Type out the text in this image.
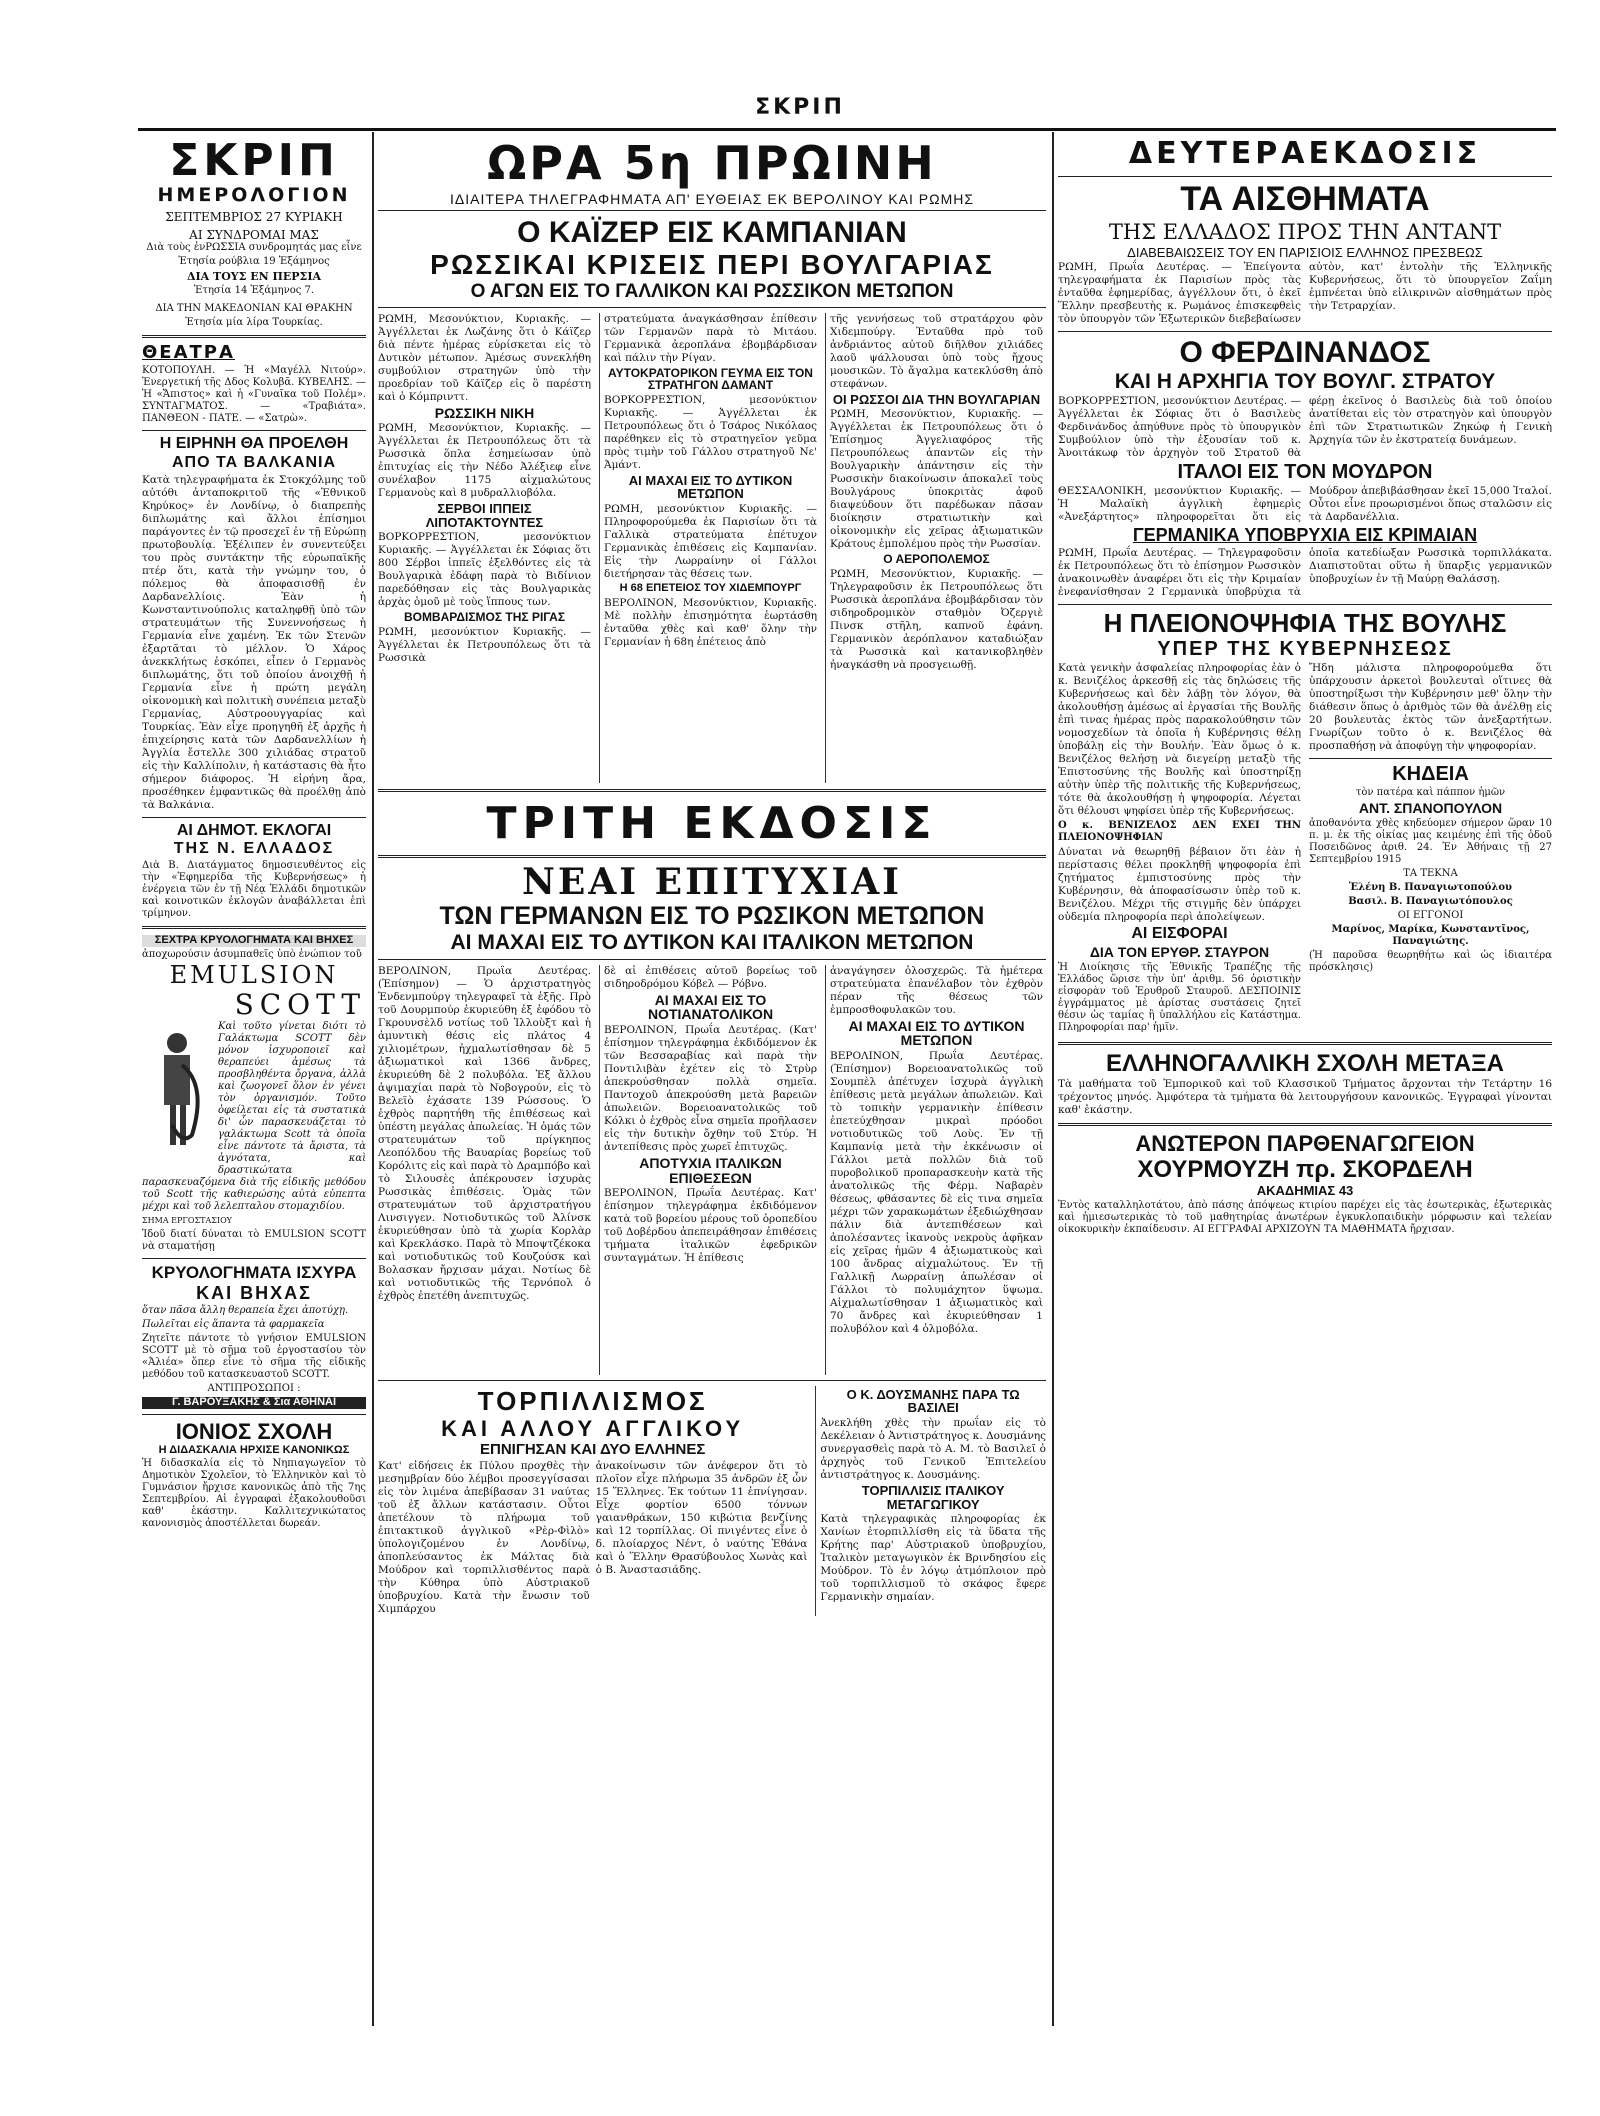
ΣΚΡΙΠ
ΣΚΡΙΠ
ΗΜΕΡΟΛΟΓΙΟΝ
ΣΕΠΤΕΜΒΡΙΟΣ 27 ΚΥΡΙΑΚΗ
ΑΙ ΣΥΝΔΡΟΜΑΙ ΜΑΣ

Διὰ τοὺς ἐνΡΩΣΣΙΑ συνδρομητάς μας εἶνε

Ἐτησία ρούβλια 19 Ἑξάμηνος

ΔΙΑ ΤΟΥΣ ΕΝ ΠΕΡΣΙΑ

Ἐτησία 14 Ἑξάμηνος 7.

ΔΙΑ ΤΗΝ ΜΑΚΕΔΟΝΙΑΝ ΚΑΙ ΘΡΑΚΗΝ

Ἐτησία μία λίρα Τουρκίας.

ΘΕΑΤΡΑ

ΚΟΤΟΠΟΥΛΗ. — Ἡ «Μαγέλλ Νιτούρ». Ἐνεργετική τῆς Δδος Κολυβᾶ. ΚΥΒΕΛΗΣ. — Ἡ «Ἄπιστος» καὶ ἡ «Γυναῖκα τοῦ Πολέμ». ΣΥΝΤΑΓΜΑΤΟΣ. — «Τραβιάτα». ΠΑΝΘΕΟΝ - ΠΑΤΕ. — «Σατρὼ».

Η ΕΙΡΗΝΗ ΘΑ ΠΡΟΕΛΘΗ
ΑΠΟ ΤΑ ΒΑΛΚΑΝΙΑ

Κατὰ τηλεγραφήματα ἐκ Στοκχόλμης τοῦ αὐτόθι ἀνταποκριτοῦ τῆς «Ἐθνικοῦ Κηρύκος» ἐν Λονδίνῳ, ὁ διαπρεπὴς διπλωμάτης καὶ ἄλλοι ἐπίσημοι παράγοντες ἐν τῷ προσεχεῖ ἐν τῇ Εὐρώπῃ πρωτοβουλίᾳ. Ἐξέλιπεν ἐν συνεντεύξει του πρὸς συντάκτην τῆς εὐρωπαϊκῆς πτέρ ὅτι, κατὰ τὴν γνώμην του, ὁ πόλεμος θὰ ἀποφασισθῇ ἐν Δαρδανελλίοις. Ἐὰν ἡ Κωνσταντινούπολις καταληφθῇ ὑπὸ τῶν στρατευμάτων τῆς Συνεννοήσεως ἡ Γερμανία εἶνε χαμένη. Ἐκ τῶν Στενῶν ἐξαρτᾶται τὸ μέλλον. Ὁ Χάρος ἀνεκκλήτως ἐσκόπει, εἶπεν ὁ Γερμανὸς διπλωμάτης, ὅτι τοῦ ὁποίου ἀνοιχθῇ ἡ Γερμανία εἶνε ἡ πρώτη μεγάλη οἰκονομικὴ καὶ πολιτικὴ συνέπεια μεταξὺ Γερμανίας, Αὐστροουγγαρίας καὶ Τουρκίας. Ἐὰν εἶχε προηγηθῆ ἐξ ἀρχῆς ἡ ἐπιχείρησις κατὰ τῶν Δαρδανελλίων ἡ Ἀγγλία ἔστελλε 300 χιλιάδας στρατοῦ εἰς τὴν Καλλίπολιν, ἡ κατάστασις θὰ ἦτο σήμερον διάφορος. Ἡ εἰρήνη ἄρα, προσέθηκεν ἐμφαντικῶς θὰ προέλθῃ ἀπὸ τὰ Βαλκάνια.

ΑΙ ΔΗΜΟΤ. ΕΚΛΟΓΑΙ
ΤΗΣ Ν. ΕΛΛΑΔΟΣ

Διὰ Β. Διατάγματος δημοσιευθέντος εἰς τὴν «Ἐφημερίδα τῆς Κυβερνήσεως» ἡ ἐνέργεια τῶν ἐν τῇ Νέᾳ Ἑλλάδι δημοτικῶν καὶ κοινοτικῶν ἐκλογῶν ἀναβάλλεται ἐπὶ τρίμηνον.

ΣΕΧΤΡΑ ΚΡΥΟΛΟΓΗΜΑΤΑ ΚΑΙ ΒΗΧΕΣ

ἀποχωρούσιν ἀσυμπαθεῖς ὑπὸ ἐνώπιον τοῦ

EMULSION
SCOTT

Καὶ τοῦτο γίνεται διότι τὸ Γαλάκτωμα SCOTT δὲν μόνον ἰσχυροποιεῖ καὶ θεραπεύει ἀμέσως τὰ προσβληθέντα ὄργανα, ἀλλὰ καὶ ζωογονεῖ ὅλον ἐν γένει τὸν ὀργανισμόν. Τοῦτο ὀφείλεται εἰς τὰ συστατικὰ δι' ὧν παρασκευάζεται τὸ γαλάκτωμα Scott τὰ ὁποῖα εἶνε πάντοτε τὰ ἄριστα, τὰ ἁγνότατα, καὶ δραστικώτατα παρασκευαζόμενα διὰ τῆς εἰδικῆς μεθόδου τοῦ Scott τῆς καθιερώσης αὐτὰ εὐπεπτα μέχρι καὶ τοῦ λελεπταλου στομαχιδίου.

ΣΗΜΑ ΕΡΓΟΣΤΑΣΙΟΥ

Ἰδοῦ διατί δύναται τὸ EMULSION SCOTT νὰ σταματήσῃ

ΚΡΥΟΛΟΓΗΜΑΤΑ ΙΣΧΥΡΑ
ΚΑΙ ΒΗΧΑΣ

ὅταν πᾶσα ἄλλη θεραπεία ἔχει ἀποτύχῃ.

Πωλεῖται εἰς ἅπαντα τὰ φαρμακεῖα

Ζητεῖτε πάντοτε τὸ γνήσιον EMULSION SCOTT μὲ τὸ σῆμα τοῦ ἐργοστασίου τὸν «Ἀλιέα» ὅπερ εἶνε τὸ σῆμα τῆς εἰδικῆς μεθόδου τοῦ κατασκευαστοῦ SCOTT.

ΑΝΤΙΠΡΟΣΩΠΟΙ :

Γ. ΒΑΡΟΥΞΑΚΗΣ & Σια ΑΘΗΝΑΙ
ΙΟΝΙΟΣ ΣΧΟΛΗ
Η ΔΙΔΑΣΚΑΛΙΑ ΗΡΧΙΣΕ ΚΑΝΟΝΙΚΩΣ

Ἡ διδασκαλία εἰς τὸ Νηπιαγωγεῖον τὸ Δημοτικὸν Σχολεῖον, τὸ Ἑλληνικὸν καὶ τὸ Γυμνάσιον ἤρχισε κανονικῶς ἀπὸ τῆς 7ης Σεπτεμβρίου. Αἱ ἐγγραφαὶ ἐξακολουθοῦσι καθ' ἑκάστην. Καλλιτεχνικώτατος κανονισμὸς ἀποστέλλεται δωρεάν.

ΩΡΑ 5η ΠΡΩΙΝΗ
ΙΔΙΑΙΤΕΡΑ ΤΗΛΕΓΡΑΦΗΜΑΤΑ ΑΠ' ΕΥΘΕΙΑΣ ΕΚ ΒΕΡΟΛΙΝΟΥ ΚΑΙ ΡΩΜΗΣ
Ο ΚΑΪΖΕΡ ΕΙΣ ΚΑΜΠΑΝΙΑΝ
ΡΩΣΣΙΚΑΙ ΚΡΙΣΕΙΣ ΠΕΡΙ ΒΟΥΛΓΑΡΙΑΣ
Ο ΑΓΩΝ ΕΙΣ ΤΟ ΓΑΛΛΙΚΟΝ ΚΑΙ ΡΩΣΣΙΚΟΝ ΜΕΤΩΠΟΝ

ΡΩΜΗ, Μεσονύκτιον, Κυριακῆς. — Ἀγγέλλεται ἐκ Λωζάνης ὅτι ὁ Κάϊζερ διὰ πέντε ἡμέρας εὑρίσκεται εἰς τὸ Δυτικὸν μέτωπον. Ἀμέσως συνεκλήθη συμβούλιον στρατηγῶν ὑπὸ τὴν προεδρίαν τοῦ Κάϊζερ εἰς ὃ παρέστη καὶ ὁ Κόμπρινττ.

ΡΩΣΣΙΚΗ ΝΙΚΗ

ΡΩΜΗ, Μεσονύκτιον, Κυριακῆς. — Ἀγγέλλεται ἐκ Πετρουπόλεως ὅτι τὰ Ρωσσικὰ ὅπλα ἐσημείωσαν ὑπὸ ἐπιτυχίας εἰς τὴν Νέδο Ἀλέξιεφ εἶνε συνέλαβον 1175 αἰχμαλώτους Γερμανοὺς καὶ 8 μυδραλλιοβόλα.

ΣΕΡΒΟΙ ΙΠΠΕΙΣ ΛΙΠΟΤΑΚΤΟΥΝΤΕΣ

ΒΟΡΚΟΡΡΕΣΤΙΟΝ, μεσονύκτιον Κυριακῆς. — Ἀγγέλλεται ἐκ Σόφιας ὅτι 800 Σέρβοι ἱππεῖς ἐξελθόντες εἰς τὰ Βουλγαρικὰ ἐδάφη παρὰ τὸ Βιδίνιον παρεδόθησαν εἰς τὰς Βουλγαρικὰς ἀρχὰς ὁμοῦ μὲ τοὺς ἵππους των.

ΒΟΜΒΑΡΔΙΣΜΟΣ ΤΗΣ ΡΙΓΑΣ

ΡΩΜΗ, μεσονύκτιον Κυριακῆς. — Ἀγγέλλεται ἐκ Πετρουπόλεως ὅτι τὰ Ρωσσικὰ

στρατεύματα ἀναγκάσθησαν ἐπίθεσιν τῶν Γερμανῶν παρὰ τὸ Μιτάου. Γερμανικὰ ἀεροπλάνα ἐβομβάρδισαν καὶ πάλιν τὴν Ρίγαν.

ΑΥΤΟΚΡΑΤΟΡΙΚΟΝ ΓΕΥΜΑ ΕΙΣ ΤΟΝ ΣΤΡΑΤΗΓΟΝ ΔΑΜΑΝΤ

ΒΟΡΚΟΡΡΕΣΤΙΟΝ, μεσονύκτιον Κυριακῆς. — Ἀγγέλλεται ἐκ Πετρουπόλεως ὅτι ὁ Τσάρος Νικόλαος παρέθηκεν εἰς τὸ στρατηγεῖον γεῦμα πρὸς τιμὴν τοῦ Γάλλου στρατηγοῦ Νε' Ἀμάντ.

ΑΙ ΜΑΧΑΙ ΕΙΣ ΤΟ ΔΥΤΙΚΟΝ ΜΕΤΩΠΟΝ

ΡΩΜΗ, μεσονύκτιον Κυριακῆς. — Πληροφορούμεθα ἐκ Παρισίων ὅτι τὰ Γαλλικὰ στρατεύματα ἐπέτυχον Γερμανικὰς ἐπιθέσεις εἰς Καμπανίαν. Εἰς τὴν Λωρραίνην οἱ Γάλλοι διετήρησαν τὰς θέσεις των.

Η 68 ΕΠΕΤΕΙΟΣ ΤΟΥ ΧΙΔΕΜΠΟΥΡΓ

ΒΕΡΟΛΙΝΟΝ, Μεσονύκτιον, Κυριακῆς. Μὲ πολλὴν ἐπισημότητα ἑωρτάσθη ἐνταῦθα χθὲς καὶ καθ' ὅλην τὴν Γερμανίαν ἡ 68η ἐπέτειος ἀπὸ

τῆς γεννήσεως τοῦ στρατάρχου φὸν Χιδεμπούργ. Ἐνταῦθα πρὸ τοῦ ἀνδριάντος αὐτοῦ διῆλθον χιλιάδες λαοῦ ψάλλουσαι ὑπὸ τοὺς ἤχους μουσικῶν. Τὸ ἄγαλμα κατεκλύσθη ἀπὸ στεφάνων.

ΟΙ ΡΩΣΣΟΙ ΔΙΑ ΤΗΝ ΒΟΥΛΓΑΡΙΑΝ

ΡΩΜΗ, Μεσονύκτιον, Κυριακῆς. — Ἀγγέλλεται ἐκ Πετρουπόλεως ὅτι ὁ Ἐπίσημος Ἀγγελιαφόρος τῆς Πετρουπόλεως ἀπαντῶν εἰς τὴν Βουλγαρικὴν ἀπάντησιν εἰς τὴν Ρωσσικὴν διακοίνωσιν ἀποκαλεῖ τοὺς Βουλγάρους ὑποκριτὰς ἀφοῦ διαψεύδουν ὅτι παρέδωκαν πᾶσαν διοίκησιν στρατιωτικὴν καὶ οἰκονομικὴν εἰς χεῖρας ἀξιωματικῶν Κράτους ἐμπολέμου πρὸς τὴν Ρωσσίαν.

Ο ΑΕΡΟΠΟΛΕΜΟΣ

ΡΩΜΗ, Μεσονύκτιον, Κυριακῆς. — Τηλεγραφοῦσιν ἐκ Πετρουπόλεως ὅτι Ρωσσικὰ ἀεροπλάνα ἐβομβάρδισαν τὸν σιδηροδρομικὸν σταθμὸν Ὀζεργιὲ Πινσκ στῆλη, καπνοῦ ἐφάνη. Γερμανικὸν ἀερόπλανον καταδιώξαν τὰ Ρωσσικὰ καὶ κατανικοβληθὲν ἠναγκάσθη νὰ προσγειωθῇ.

ΤΡΙΤΗ ΕΚΔΟΣΙΣ
ΝΕΑΙ ΕΠΙΤΥΧΙΑΙ
ΤΩΝ ΓΕΡΜΑΝΩΝ ΕΙΣ ΤΟ ΡΩΣΙΚΟΝ ΜΕΤΩΠΟΝ
ΑΙ ΜΑΧΑΙ ΕΙΣ ΤΟ ΔΥΤΙΚΟΝ ΚΑΙ ΙΤΑΛΙΚΟΝ ΜΕΤΩΠΟΝ

ΒΕΡΟΛΙΝΟΝ, Πρωΐα Δευτέρας. (Ἐπίσημον) — Ὁ ἀρχιστρατηγὸς Ἐνδενμπούργ τηλεγραφεῖ τὰ ἑξῆς. Πρὸ τοῦ Δουρμπούρ ἐκυριεύθη ἐξ ἐφόδου τὸ Γκρουνσὲλδ νοτίως τοῦ Ἰλλοὺξτ καὶ ἡ ἀμυντικὴ θέσις εἰς πλάτος 4 χιλιομέτρων, ἠχμαλωτίσθησαν δὲ 5 ἀξιωματικοὶ καὶ 1366 ἄνδρες, ἐκυριεύθη δὲ 2 πολυβόλα. Ἐξ ἄλλου ἁψιμαχίαι παρὰ τὸ Νοβογρούν, εἰς τὸ Βελεϊὸ ἐχάσατε 139 Ρώσσους. Ὁ ἐχθρὸς παρητήθη τῆς ἐπιθέσεως καὶ ὑπέστη μεγάλας ἀπωλείας. Ἡ ὁμάς τῶν στρατευμάτων τοῦ πρίγκηπος Λεοπόλδου τῆς Βαυαρίας βορείως τοῦ Κορόλιτς εἰς καὶ παρὰ τὸ Δραμπόβο καὶ τὸ Σιλουσὲς ἀπέκρουσεν ἰσχυρὰς Ρωσσικὰς ἐπιθέσεις. Ὁμὰς τῶν στρατευμάτων τοῦ ἀρχιστρατήγου Λινσιγγεν. Νοτιοδυτικῶς τοῦ Ἀλίνσκ ἐκυριεύθησαν ὑπὸ τὰ χωρία Κορλὰρ καὶ Κρεκλάσκο. Παρὰ τὸ Μποψτζέκοκα καὶ νοτιοδυτικῶς τοῦ Κουζούσκ καὶ Βολασκαν ἤρχισαν μάχαι. Νοτίως δὲ καὶ νοτιοδυτικῶς τῆς Τερνόπολ ὁ ἐχθρὸς ἐπετέθη ἀνεπιτυχῶς.

δὲ αἱ ἐπιθέσεις αὐτοῦ βορείως τοῦ σιδηροδρόμου Κόβελ — Ρόβνο.

ΑΙ ΜΑΧΑΙ ΕΙΣ ΤΟ ΝΟΤΙΑΝΑΤΟΛΙΚΟΝ

ΒΕΡΟΛΙΝΟΝ, Πρωΐα Δευτέρας. (Κατ' ἐπίσημον τηλεγράφημα ἐκδιδόμενον ἐκ τῶν Βεσσαραβίας καὶ παρὰ τὴν Ποντιλιβὰν ἐχέτεν εἰς τὸ Στρὺρ ἀπεκρούσθησαν πολλὰ σημεῖα. Παντοχοῦ ἀπεκρούσθη μετὰ βαρειῶν ἀπωλειῶν. Βορειοανατολικῶς τοῦ Κόλκι ὁ ἐχθρὸς εἶνα σημεῖα προῆλασεν εἰς τὴν δυτικὴν ὄχθην τοῦ Στύρ. Ἡ ἀντεπίθεσις πρὸς χωρεῖ ἐπιτυχῶς.

ΑΠΟΤΥΧΙΑ ΙΤΑΛΙΚΩΝ ΕΠΙΘΕΣΕΩΝ

ΒΕΡΟΛΙΝΟΝ, Πρωΐα Δευτέρας. Κατ' ἐπίσημον τηλεγράφημα ἐκδιδόμενον κατὰ τοῦ βορείου μέρους τοῦ ὀροπεδίου τοῦ Δοβέρδου ἀπεπειράθησαν ἐπιθέσεις τμήματα ἰταλικῶν ἐφεδρικῶν συνταγμάτων. Ἡ ἐπίθεσις

ἀναγάγησεν ὀλοσχερῶς. Τὰ ἡμέτερα στρατεύματα ἐπανέλαβον τὸν ἐχθρὸν πέραν τῆς θέσεως τῶν ἐμπροσθοφυλακῶν του.

ΑΙ ΜΑΧΑΙ ΕΙΣ ΤΟ ΔΥΤΙΚΟΝ ΜΕΤΩΠΟΝ

ΒΕΡΟΛΙΝΟΝ, Πρωΐα Δευτέρας. (Ἐπίσημον) Βορειοανατολικῶς τοῦ Σουμπὲλ ἀπέτυχεν ἰσχυρὰ ἀγγλικὴ ἐπίθεσις μετὰ μεγάλων ἀπωλειῶν. Καὶ τὸ τοπικὴν γερμανικὴν ἐπίθεσιν ἐπετεύχθησαν μικραὶ πρόοδοι νοτιοδυτικῶς τοῦ Λοὺς. Ἐν τῇ Καμπανίᾳ μετὰ τὴν ἐκκένωσιν οἱ Γάλλοι μετὰ πολλῶν διὰ τοῦ πυροβολικοῦ προπαρασκευὴν κατὰ τῆς ἀνατολικῶς τῆς Φέρμ. Ναβαρὲν θέσεως, φθάσαντες δὲ εἰς τινα σημεῖα μέχρι τῶν χαρακωμάτων ἐξεδιώχθησαν πάλιν διὰ ἀντεπιθέσεων καὶ ἀπολέσαντες ἱκανοὺς νεκροὺς ἀφῆκαν εἰς χεῖρας ἡμῶν 4 ἀξιωματικοὺς καὶ 100 ἄνδρας αἰχμαλώτους. Ἐν τῇ Γαλλικῇ Λωρραίνῃ ἀπωλέσαν οἱ Γάλλοι τὸ πολυμάχητον ὕψωμα. Αἰχμαλωτίσθησαν 1 ἀξιωματικὸς καὶ 70 ἄνδρες καὶ ἐκυριεύθησαν 1 πολυβόλον καὶ 4 ὁλμοβόλα.

ΤΟΡΠΙΛΛΙΣΜΟΣ
ΚΑΙ ΑΛΛΟΥ ΑΓΓΛΙΚΟΥ
ΕΠΝΙΓΗΣΑΝ ΚΑΙ ΔΥΟ ΕΛΛΗΝΕΣ

Κατ' εἰδήσεις ἐκ Πύλου προχθὲς τὴν μεσημβρίαν δύο λέμβοι προσεγγίσασαι εἰς τὸν λιμένα ἀπεβίβασαν 31 ναύτας τοῦ ἐξ ἄλλων κατάστασιν. Οὗτοι ἀπετέλουν τὸ πλήρωμα τοῦ ἐπιτακτικοῦ ἀγγλικοῦ «Ρὲρ-Φὶλὸ» ὑπολογιζομένου ἐν Λονδίνῳ, ἀποπλεύσαντος ἐκ Μάλτας διὰ Μούδρον καὶ τορπιλλισθέντος παρὰ τὴν Κύθηρα ὑπὸ Αὐστριακοῦ ὑποβρυχίου. Κατὰ τὴν ἔνωσιν τοῦ Χιμπάρχου

ἀνακοίνωσιν τῶν ἀνέφερον ὅτι τὸ πλοῖον εἶχε πλήρωμα 35 ἀνδρῶν ἐξ ὧν 15 Ἕλληνες. Ἐκ τούτων 11 ἐπνίγησαν. Εἶχε φορτίον 6500 τόννων γαιανθράκων, 150 κιβώτια βενζίνης καὶ 12 τορπίλλας. Οἱ πνιγέντες εἶνε ὁ δ. πλοίαρχος Νέντ, ὁ ναύτης Ἐθάνα καὶ ὁ Ἕλλην Θρασύβουλος Χωνὰς καὶ ὁ Β. Ἀναστασιάδης.

Ο Κ. ΔΟΥΣΜΑΝΗΣ ΠΑΡΑ ΤΩ ΒΑΣΙΛΕΙ

Ἀνεκλήθη χθὲς τὴν πρωΐαν εἰς τὸ Δεκέλειαν ὁ Ἀντιστράτηγος κ. Δουσμάνης συνεργασθεὶς παρὰ τὸ Α. Μ. τὸ Βασιλεῖ ὁ ἀρχηγὸς τοῦ Γενικοῦ Ἐπιτελείου ἀντιστράτηγος κ. Δουσμάνης.

ΤΟΡΠΙΛΛΙΣΙΣ ΙΤΑΛΙΚΟΥ ΜΕΤΑΓΩΓΙΚΟΥ

Κατὰ τηλεγραφικὰς πληροφορίας ἐκ Χανίων ἐτορπιλλίσθη εἰς τὰ ὕδατα τῆς Κρήτης παρ' Αὐστριακοῦ ὑποβρυχίου, Ἰταλικὸν μεταγωγικὸν ἐκ Βρινδησίου εἰς Μούδρον. Τὸ ἐν λόγῳ ἀτμόπλοιον πρὸ τοῦ τορπιλλισμοῦ τὸ σκάφος ἔφερε Γερμανικὴν σημαίαν.

ΔΕΥΤΕΡΑΕΚΔΟΣΙΣ
ΤΑ ΑΙΣΘΗΜΑΤΑ
ΤΗΣ ΕΛΛΑΔΟΣ ΠΡΟΣ ΤΗΝ ΑΝΤΑΝΤ
ΔΙΑΒΕΒΑΙΩΣΕΙΣ ΤΟΥ ΕΝ ΠΑΡΙΣΙΟΙΣ ΕΛΛΗΝΟΣ ΠΡΕΣΒΕΩΣ

ΡΩΜΗ, Πρωΐα Δευτέρας. — Ἐπείγοντα τηλεγραφήματα ἐκ Παρισίων πρὸς τὰς ἐνταῦθα ἐφημερίδας, ἀγγέλλουν ὅτι, ὁ ἐκεῖ Ἕλλην πρεσβευτὴς κ. Ρωμάνος ἐπισκεφθεὶς τὸν ὑπουργὸν τῶν Ἐξωτερικῶν διεβεβαίωσεν αὐτὸν, κατ' ἐντολὴν τῆς Ἑλληνικῆς Κυβερνήσεως, ὅτι τὸ ὑπουργεῖον Ζαΐμη ἐμπνέεται ὑπὸ εἰλικρινῶν αἰσθημάτων πρὸς τὴν Τετραρχίαν.

Ο ΦΕΡΔΙΝΑΝΔΟΣ
ΚΑΙ Η ΑΡΧΗΓΙΑ ΤΟΥ ΒΟΥΛΓ. ΣΤΡΑΤΟΥ

ΒΟΡΚΟΡΡΕΣΤΙΟΝ, μεσονύκτιον Δευτέρας. — Ἀγγέλλεται ἐκ Σόφιας ὅτι ὁ Βασιλεὺς Φερδινάνδος ἀπηύθυνε πρὸς τὸ ὑπουργικὸν Συμβούλιον ὑπὸ τὴν ἐξουσίαν τοῦ κ. Ἀνοιτάκωφ τὸν ἀρχηγὸν τοῦ Στρατοῦ θὰ φέρῃ ἐκεῖνος ὁ Βασιλεὺς διὰ τοῦ ὁποίου ἀνατίθεται εἰς τὸν στρατηγὸν καὶ ὑπουργὸν ἐπὶ τῶν Στρατιωτικῶν Ζηκώφ ἡ Γενικὴ Ἀρχηγία τῶν ἐν ἐκστρατείᾳ δυνάμεων.

ΙΤΑΛΟΙ ΕΙΣ ΤΟΝ ΜΟΥΔΡΟΝ

ΘΕΣΣΑΛΟΝΙΚΗ, μεσονύκτιον Κυριακῆς. — Ἡ Μαλαϊκὴ ἀγγλικὴ ἐφημερὶς «Ἀνεξάρτητος» πληροφορεῖται ὅτι εἰς Μούδρον ἀπεβιβάσθησαν ἐκεῖ 15,000 Ἰταλοί. Οὗτοι εἶνε προωρισμένοι ὅπως σταλῶσιν εἰς τὰ Δαρδανέλλια.

ΓΕΡΜΑΝΙΚΑ ΥΠΟΒΡΥΧΙΑ ΕΙΣ ΚΡΙΜΑΙΑΝ

ΡΩΜΗ, Πρωΐα Δευτέρας. — Τηλεγραφοῦσιν ἐκ Πετρουπόλεως ὅτι τὸ ἐπίσημον Ρωσσικὸν ἀνακοινωθὲν ἀναφέρει ὅτι εἰς τὴν Κριμαίαν ἐνεφανίσθησαν 2 Γερμανικὰ ὑποβρύχια τὰ ὁποῖα κατεδίωξαν Ρωσσικὰ τορπιλλάκατα. Διαπιστοῦται οὕτω ἡ ὕπαρξις γερμανικῶν ὑποβρυχίων ἐν τῇ Μαύρῃ Θαλάσσῃ.

Η ΠΛΕΙΟΝΟΨΗΦΙΑ ΤΗΣ ΒΟΥΛΗΣ
ΥΠΕΡ ΤΗΣ ΚΥΒΕΡΝΗΣΕΩΣ

Κατὰ γενικὴν ἀσφαλείας πληροφορίας ἐὰν ὁ κ. Βενιζέλος ἀρκεσθῇ εἰς τὰς δηλώσεις τῆς Κυβερνήσεως καὶ δὲν λάβῃ τὸν λόγον, θὰ ἀκολουθήσῃ ἀμέσως αἱ ἐργασίαι τῆς Βουλῆς ἐπὶ τινας ἡμέρας πρὸς παρακολούθησιν τῶν νομοσχεδίων τὰ ὁποῖα ἡ Κυβέρνησις θέλῃ ὑποβάλῃ εἰς τὴν Βουλήν. Ἐὰν ὅμως ὁ κ. Βενιζέλος θελήσῃ νὰ διεγείρῃ μεταξὺ τῆς Ἐπιστοσύνης τῆς Βουλῆς καὶ ὑποστηρίξῃ αὐτὴν ὑπὲρ τῆς πολιτικῆς τῆς Κυβερνήσεως, τότε θὰ ἀκολουθήσῃ ἡ ψηφοφορία. Λέγεται ὅτι θέλουσι ψηφίσει ὑπὲρ τῆς Κυβερνήσεως.

Ο κ. ΒΕΝΙΖΕΛΟΣ ΔΕΝ ΕΧΕΙ ΤΗΝ ΠΛΕΙΟΝΟΨΗΦΙΑΝ

Δύναται νὰ θεωρηθῇ βέβαιον ὅτι ἐὰν ἡ περίστασις θέλει προκληθῇ ψηφοφορία ἐπὶ ζητήματος ἐμπιστοσύνης πρὸς τὴν Κυβέρνησιν, θὰ ἀποφασίσωσιν ὑπὲρ τοῦ κ. Βενιζέλου. Μέχρι τῆς στιγμῆς δὲν ὑπάρχει οὐδεμία πληροφορία περὶ ἀπολείψεων.

ΑΙ ΕΙΣΦΟΡΑΙ
ΔΙΑ ΤΟΝ ΕΡΥΘΡ. ΣΤΑΥΡΟΝ

Ἡ Διοίκησις τῆς Ἐθνικῆς Τραπέζης τῆς Ἑλλάδος ὥρισε τὴν ὑπ' ἀριθμ. 56 ὁριστικὴν εἰσφορὰν τοῦ Ἐρυθροῦ Σταυροῦ. ΔΕΣΠΟΙΝΙΣ ἐγγράμματος μὲ ἀρίστας συστάσεις ζητεῖ θέσιν ὡς ταμίας ἢ ὑπαλλήλου εἰς Κατάστημα. Πληροφορίαι παρ' ἡμῖν.

Ἤδη μάλιστα πληροφορούμεθα ὅτι ὑπάρχουσιν ἀρκετοὶ βουλευταὶ οἵτινες θὰ ὑποστηρίξωσι τὴν Κυβέρνησιν μεθ' ὅλην τὴν διάθεσιν ὅπως ὁ ἀριθμὸς τῶν θὰ ἀνέλθῃ εἰς 20 βουλευτὰς ἐκτὸς τῶν ἀνεξαρτήτων. Γνωρίζων τοῦτο ὁ κ. Βενιζέλος θὰ προσπαθήσῃ νὰ ἀποφύγῃ τὴν ψηφοφορίαν.

ΚΗΔΕΙΑ

τὸν πατέρα καὶ πάππον ἡμῶν

ΑΝΤ. ΣΠΑΝΟΠΟΥΛΟΝ

ἀποθανόντα χθὲς κηδεύομεν σήμερον ὥραν 10 π. μ. ἐκ τῆς οἰκίας μας κειμένης ἐπὶ τῆς ὁδοῦ Ποσειδῶνος ἀριθ. 24. Ἐν Ἀθήναις τῇ 27 Σεπτεμβρίου 1915

ΤΑ ΤΕΚΝΑ

Ἑλένη Β. Παναγιωτοπούλου

Βασιλ. Β. Παναγιωτόπουλος

ΟΙ ΕΓΓΟΝΟΙ

Μαρίνος, Μαρίκα, Κωνσταντῖνος, Παναγιώτης.

(Ἡ παροῦσα θεωρηθήτω καὶ ὡς ἰδιαιτέρα πρόσκλησις)

ΕΛΛΗΝΟΓΑΛΛΙΚΗ ΣΧΟΛΗ ΜΕΤΑΞΑ

Τὰ μαθήματα τοῦ Ἐμπορικοῦ καὶ τοῦ Κλασσικοῦ Τμήματος ἄρχονται τὴν Τετάρτην 16 τρέχοντος μηνός. Ἀμφότερα τὰ τμήματα θὰ λειτουργήσουν κανονικῶς. Ἐγγραφαὶ γίνονται καθ' ἑκάστην.

ΑΝΩΤΕΡΟΝ ΠΑΡΘΕΝΑΓΩΓΕΙΟΝ
ΧΟΥΡΜΟΥΖΗ πρ. ΣΚΟΡΔΕΛΗ
ΑΚΑΔΗΜΙΑΣ 43

Ἐντὸς καταλληλοτάτου, ἀπὸ πάσης ἀπόψεως κτιρίου παρέχει εἰς τὰς ἐσωτερικὰς, ἐξωτερικὰς καὶ ἡμιεσωτερικὰς τὸ τοῦ μαθητηρίας ἀνωτέρων ἐγκυκλοπαιδικὴν μόρφωσιν καὶ τελείαν οἰκοκυρικὴν ἐκπαίδευσιν. ΑΙ ΕΓΓΡΑΦΑΙ ΑΡΧΙΖΟΥΝ ΤΑ ΜΑΘΗΜΑΤΑ ἤρχισαν.
